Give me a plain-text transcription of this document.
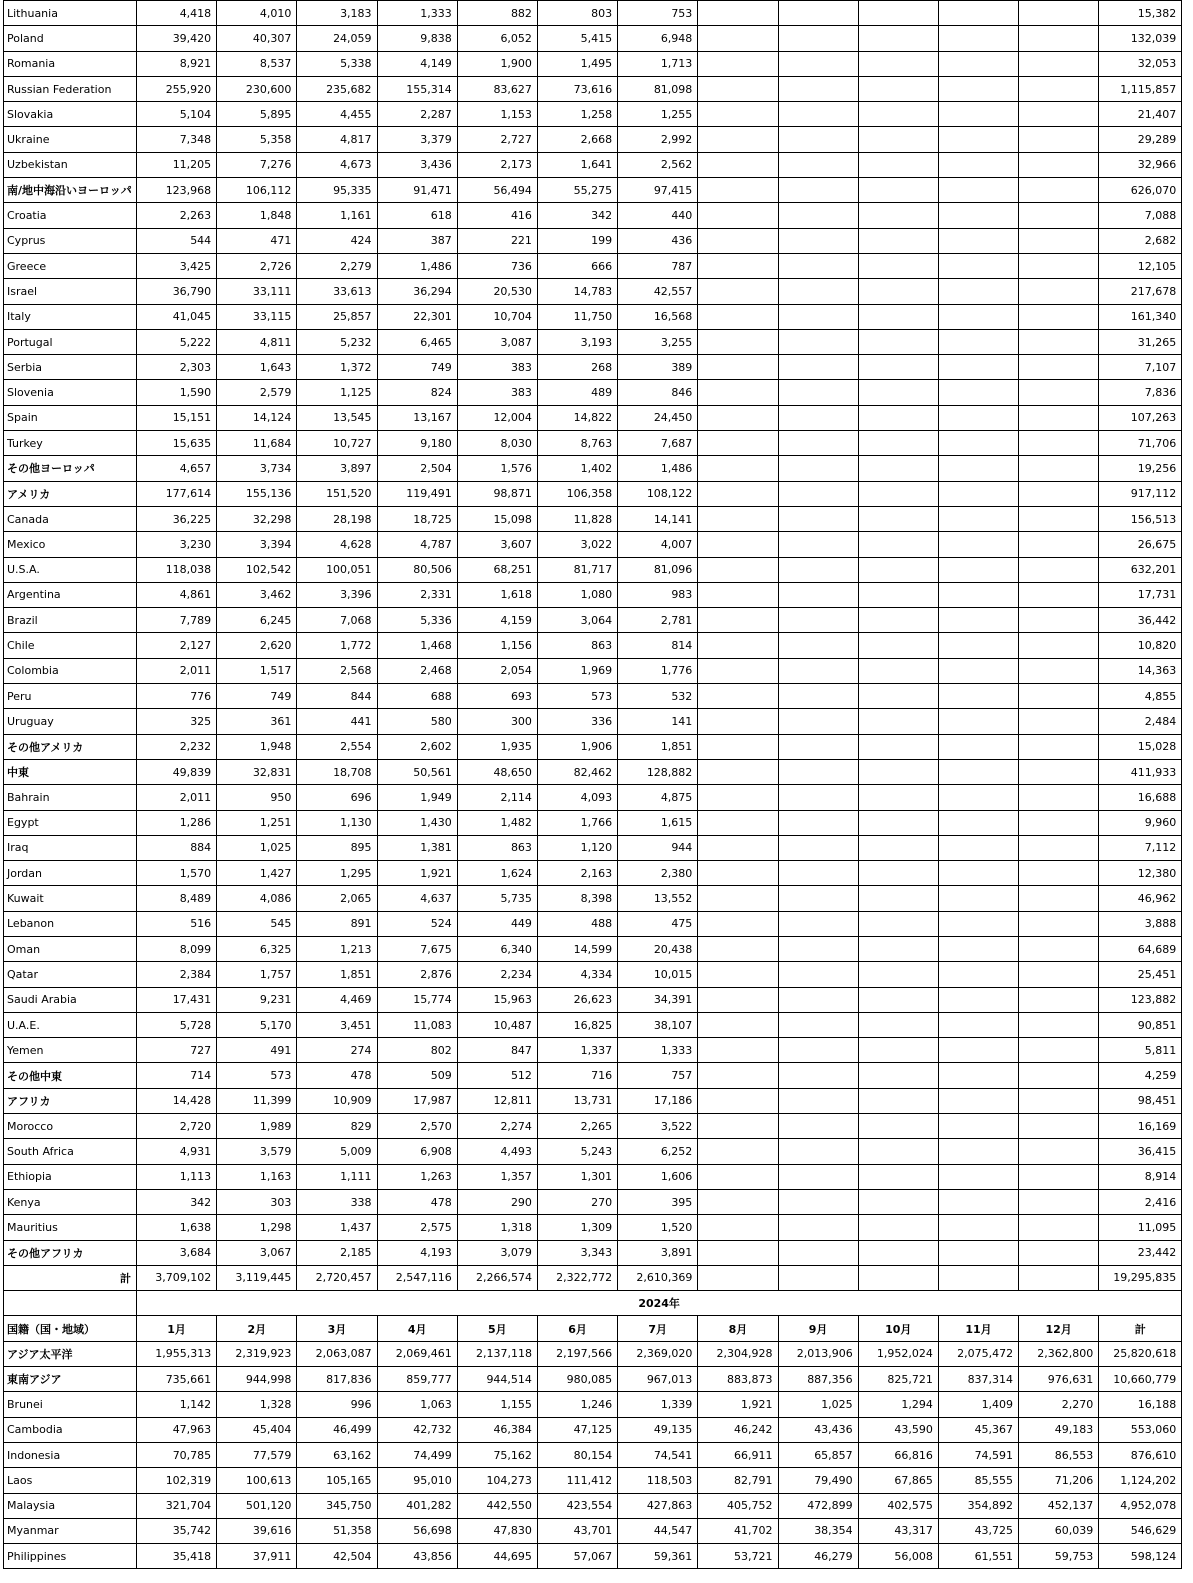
Lithuania	4,418	4,010	3,183	1,333	882	803	753						15,382
Poland	39,420	40,307	24,059	9,838	6,052	5,415	6,948						132,039
Romania	8,921	8,537	5,338	4,149	1,900	1,495	1,713						32,053
Russian Federation	255,920	230,600	235,682	155,314	83,627	73,616	81,098						1,115,857
Slovakia	5,104	5,895	4,455	2,287	1,153	1,258	1,255						21,407
Ukraine	7,348	5,358	4,817	3,379	2,727	2,668	2,992						29,289
Uzbekistan	11,205	7,276	4,673	3,436	2,173	1,641	2,562						32,966
南/地中海沿いヨーロッパ	123,968	106,112	95,335	91,471	56,494	55,275	97,415						626,070
Croatia	2,263	1,848	1,161	618	416	342	440						7,088
Cyprus	544	471	424	387	221	199	436						2,682
Greece	3,425	2,726	2,279	1,486	736	666	787						12,105
Israel	36,790	33,111	33,613	36,294	20,530	14,783	42,557						217,678
Italy	41,045	33,115	25,857	22,301	10,704	11,750	16,568						161,340
Portugal	5,222	4,811	5,232	6,465	3,087	3,193	3,255						31,265
Serbia	2,303	1,643	1,372	749	383	268	389						7,107
Slovenia	1,590	2,579	1,125	824	383	489	846						7,836
Spain	15,151	14,124	13,545	13,167	12,004	14,822	24,450						107,263
Turkey	15,635	11,684	10,727	9,180	8,030	8,763	7,687						71,706
その他ヨーロッパ	4,657	3,734	3,897	2,504	1,576	1,402	1,486						19,256
アメリカ	177,614	155,136	151,520	119,491	98,871	106,358	108,122						917,112
Canada	36,225	32,298	28,198	18,725	15,098	11,828	14,141						156,513
Mexico	3,230	3,394	4,628	4,787	3,607	3,022	4,007						26,675
U.S.A.	118,038	102,542	100,051	80,506	68,251	81,717	81,096						632,201
Argentina	4,861	3,462	3,396	2,331	1,618	1,080	983						17,731
Brazil	7,789	6,245	7,068	5,336	4,159	3,064	2,781						36,442
Chile	2,127	2,620	1,772	1,468	1,156	863	814						10,820
Colombia	2,011	1,517	2,568	2,468	2,054	1,969	1,776						14,363
Peru	776	749	844	688	693	573	532						4,855
Uruguay	325	361	441	580	300	336	141						2,484
その他アメリカ	2,232	1,948	2,554	2,602	1,935	1,906	1,851						15,028
中東	49,839	32,831	18,708	50,561	48,650	82,462	128,882						411,933
Bahrain	2,011	950	696	1,949	2,114	4,093	4,875						16,688
Egypt	1,286	1,251	1,130	1,430	1,482	1,766	1,615						9,960
Iraq	884	1,025	895	1,381	863	1,120	944						7,112
Jordan	1,570	1,427	1,295	1,921	1,624	2,163	2,380						12,380
Kuwait	8,489	4,086	2,065	4,637	5,735	8,398	13,552						46,962
Lebanon	516	545	891	524	449	488	475						3,888
Oman	8,099	6,325	1,213	7,675	6,340	14,599	20,438						64,689
Qatar	2,384	1,757	1,851	2,876	2,234	4,334	10,015						25,451
Saudi Arabia	17,431	9,231	4,469	15,774	15,963	26,623	34,391						123,882
U.A.E.	5,728	5,170	3,451	11,083	10,487	16,825	38,107						90,851
Yemen	727	491	274	802	847	1,337	1,333						5,811
その他中東	714	573	478	509	512	716	757						4,259
アフリカ	14,428	11,399	10,909	17,987	12,811	13,731	17,186						98,451
Morocco	2,720	1,989	829	2,570	2,274	2,265	3,522						16,169
South Africa	4,931	3,579	5,009	6,908	4,493	5,243	6,252						36,415
Ethiopia	1,113	1,163	1,111	1,263	1,357	1,301	1,606						8,914
Kenya	342	303	338	478	290	270	395						2,416
Mauritius	1,638	1,298	1,437	2,575	1,318	1,309	1,520						11,095
その他アフリカ	3,684	3,067	2,185	4,193	3,079	3,343	3,891						23,442
計	3,709,102	3,119,445	2,720,457	2,547,116	2,266,574	2,322,772	2,610,369						19,295,835
	2024年												
国籍（国・地域）	1月	2月	3月	4月	5月	6月	7月	8月	9月	10月	11月	12月	計
アジア太平洋	1,955,313	2,319,923	2,063,087	2,069,461	2,137,118	2,197,566	2,369,020	2,304,928	2,013,906	1,952,024	2,075,472	2,362,800	25,820,618
東南アジア	735,661	944,998	817,836	859,777	944,514	980,085	967,013	883,873	887,356	825,721	837,314	976,631	10,660,779
Brunei	1,142	1,328	996	1,063	1,155	1,246	1,339	1,921	1,025	1,294	1,409	2,270	16,188
Cambodia	47,963	45,404	46,499	42,732	46,384	47,125	49,135	46,242	43,436	43,590	45,367	49,183	553,060
Indonesia	70,785	77,579	63,162	74,499	75,162	80,154	74,541	66,911	65,857	66,816	74,591	86,553	876,610
Laos	102,319	100,613	105,165	95,010	104,273	111,412	118,503	82,791	79,490	67,865	85,555	71,206	1,124,202
Malaysia	321,704	501,120	345,750	401,282	442,550	423,554	427,863	405,752	472,899	402,575	354,892	452,137	4,952,078
Myanmar	35,742	39,616	51,358	56,698	47,830	43,701	44,547	41,702	38,354	43,317	43,725	60,039	546,629
Philippines	35,418	37,911	42,504	43,856	44,695	57,067	59,361	53,721	46,279	56,008	61,551	59,753	598,124
